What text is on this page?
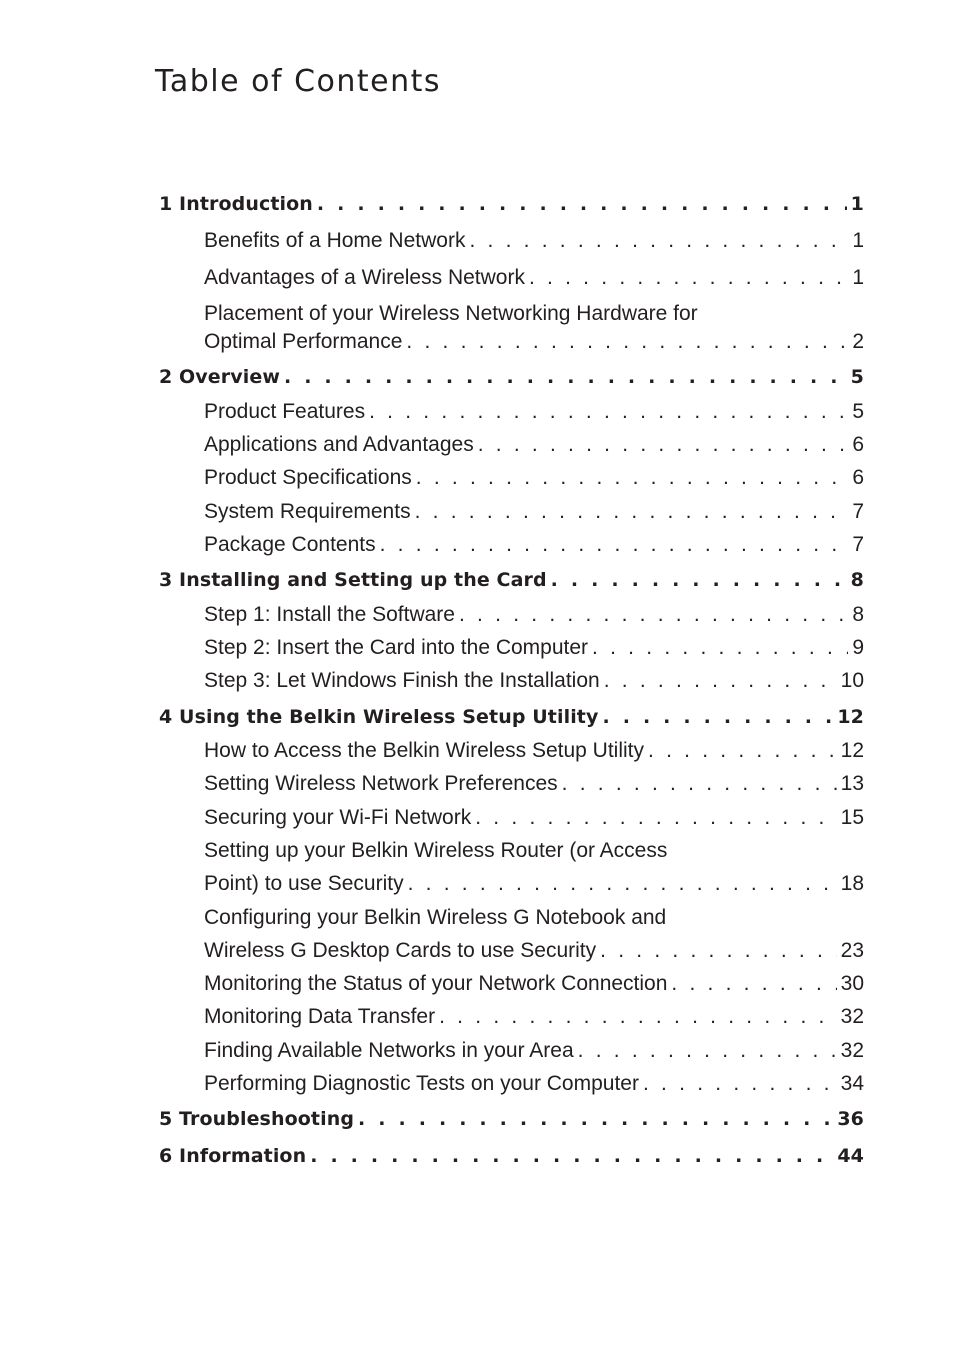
Table of Contents
1 Introduction . . .	1
Benefits of a Home Network . . .	1
Advantages of a Wireless Network . . .	1
Placement of your Wireless Networking Hardware for
Optimal Performance . . .	2
2 Overview . . .	5
Product Features . . .	5
Applications and Advantages . . .	6
Product Specifications . . .	6
System Requirements . . .	7
Package Contents . . .	7
3 Installing and Setting up the Card . . .	8
Step 1: Install the Software . . .	8
Step 2: Insert the Card into the Computer . . .	9
Step 3: Let Windows Finish the Installation . . .	10
4 Using the Belkin Wireless Setup Utility . . .	12
How to Access the Belkin Wireless Setup Utility . . .	12
Setting Wireless Network Preferences . . .	13
Securing your Wi-Fi Network . . .	15
Setting up your Belkin Wireless Router (or Access
Point) to use Security . . .	18
Configuring your Belkin Wireless G Notebook and
Wireless G Desktop Cards to use Security . . .	23
Monitoring the Status of your Network Connection . . .	30
Monitoring Data Transfer . . .	32
Finding Available Networks in your Area . . .	32
Performing Diagnostic Tests on your Computer . . .	34
5 Troubleshooting . . .	36
6 Information . . .	44
